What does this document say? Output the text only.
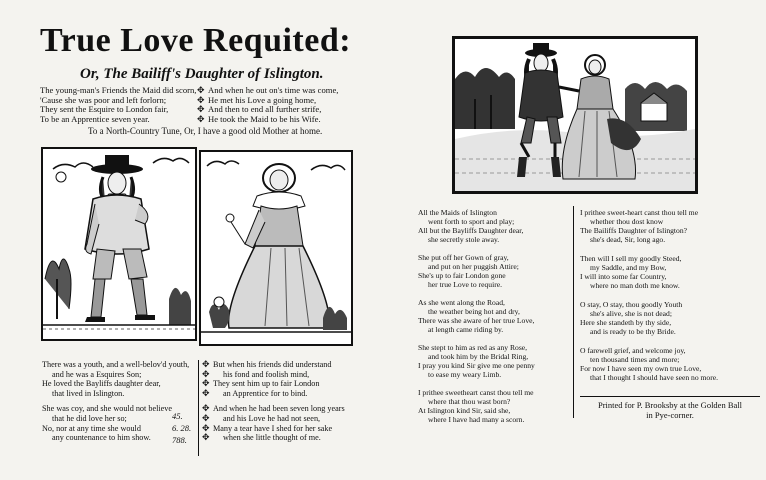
True Love Requited:
Or, The Bailiff's Daughter of Islington.
The young-man's Friends the Maid did scorn,
'Cause she was poor and left forlorn;
They sent the Esquire to London fair,
To be an Apprentice seven year.
✥
✥
✥
✥
And when he out on's time was come,
He met his Love a going home,
And then to end all further strife,
He took the Maid to be his Wife.
To a North-Country Tune, Or, I have a good old Mother at home.
There was a youth, and a well-belov'd youth,
and he was a Esquires Son;
He loved the Bayliffs daughter dear,
that lived in Islington.
She was coy, and she would not believe
that he did love her so;
No, nor at any time she would
any countenance to him show.
45.
6. 28.
788.
✥
✥
✥
✥
✥
✥
✥
✥
But when his friends did understand
his fond and foolish mind,
They sent him up to fair London
an Apprentice for to bind.
And when he had been seven long years
and his Love he had not seen,
Many a tear have I shed for her sake
when she little thought of me.
All the Maids of Islington
went forth to sport and play;
All but the Bayliffs Daughter dear,
she secretly stole away.
She put off her Gown of gray,
and put on her puggish Attire;
She's up to fair London gone
her true Love to require.
As she went along the Road,
the weather being hot and dry,
There was she aware of her true Love,
at length came riding by.
She stept to him as red as any Rose,
and took him by the Bridal Ring,
I pray you kind Sir give me one penny
to ease my weary Limb.
I prithee sweetheart canst thou tell me
where that thou wast born?
At Islington kind Sir, said she,
where I have had many a scorn.
I prithee sweet-heart canst thou tell me
whether thou dost know
The Bailiffs Daughter of Islington?
she's dead, Sir, long ago.
Then will I sell my goodly Steed,
my Saddle, and my Bow,
I will into some far Country,
where no man doth me know.
O stay, O stay, thou goodly Youth
she's alive, she is not dead;
Here she standeth by thy side,
and is ready to be thy Bride.
O farewell grief, and welcome joy,
ten thousand times and more;
For now I have seen my own true Love,
that I thought I should have seen no more.
Printed for P. Brooksby at the Golden Ball
in Pye-corner.
